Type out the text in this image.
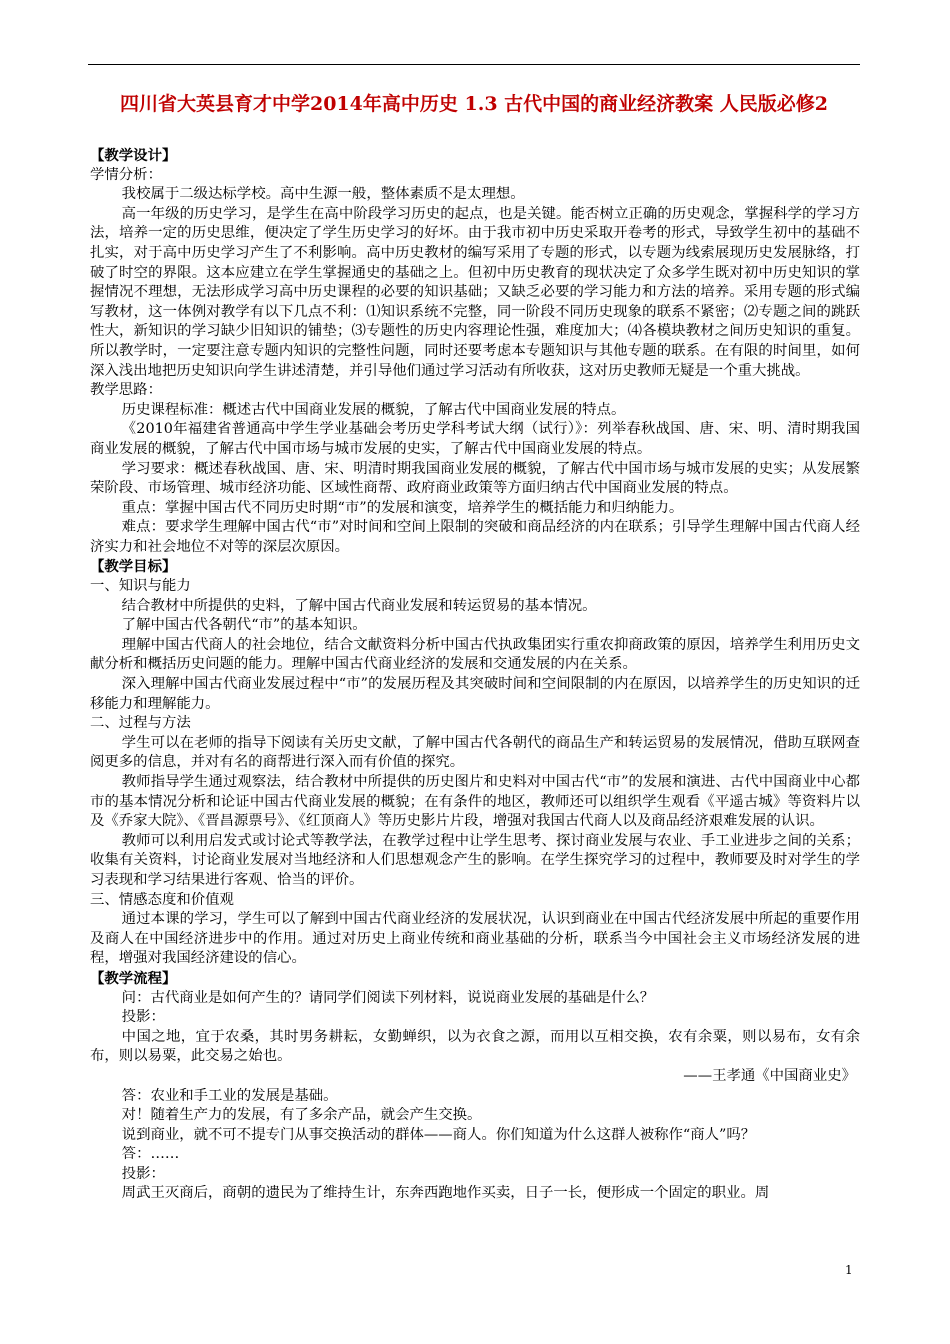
四川省大英县育才中学2014年高中历史 1.3 古代中国的商业经济教案 人民版必修2

【教学设计】

学情分析：

我校属于二级达标学校。高中生源一般，整体素质不是太理想。

高一年级的历史学习，是学生在高中阶段学习历史的起点，也是关键。能否树立正确的历史观念，掌握科学的学习方法，培养一定的历史思维，便决定了学生历史学习的好坏。由于我市初中历史采取开卷考的形式，导致学生初中的基础不扎实，对于高中历史学习产生了不利影响。高中历史教材的编写采用了专题的形式，以专题为线索展现历史发展脉络，打破了时空的界限。这本应建立在学生掌握通史的基础之上。但初中历史教育的现状决定了众多学生既对初中历史知识的掌握情况不理想，无法形成学习高中历史课程的必要的知识基础；又缺乏必要的学习能力和方法的培养。采用专题的形式编写教材，这一体例对教学有以下几点不利：⑴知识系统不完整，同一阶段不同历史现象的联系不紧密；⑵专题之间的跳跃性大，新知识的学习缺少旧知识的铺垫；⑶专题性的历史内容理论性强，难度加大；⑷各模块教材之间历史知识的重复。所以教学时，一定要注意专题内知识的完整性问题，同时还要考虑本专题知识与其他专题的联系。在有限的时间里，如何深入浅出地把历史知识向学生讲述清楚，并引导他们通过学习活动有所收获，这对历史教师无疑是一个重大挑战。

教学思路：

历史课程标准：概述古代中国商业发展的概貌，了解古代中国商业发展的特点。

《2010年福建省普通高中学生学业基础会考历史学科考试大纲（试行）》：列举春秋战国、唐、宋、明、清时期我国商业发展的概貌，了解古代中国市场与城市发展的史实，了解古代中国商业发展的特点。

学习要求：概述春秋战国、唐、宋、明清时期我国商业发展的概貌，了解古代中国市场与城市发展的史实；从发展繁荣阶段、市场管理、城市经济功能、区域性商帮、政府商业政策等方面归纳古代中国商业发展的特点。

重点：掌握中国古代不同历史时期“市”的发展和演变，培养学生的概括能力和归纳能力。

难点：要求学生理解中国古代“市”对时间和空间上限制的突破和商品经济的内在联系；引导学生理解中国古代商人经济实力和社会地位不对等的深层次原因。

【教学目标】

一、知识与能力

结合教材中所提供的史料，了解中国古代商业发展和转运贸易的基本情况。

了解中国古代各朝代“市”的基本知识。

理解中国古代商人的社会地位，结合文献资料分析中国古代执政集团实行重农抑商政策的原因，培养学生利用历史文献分析和概括历史问题的能力。理解中国古代商业经济的发展和交通发展的内在关系。

深入理解中国古代商业发展过程中“市”的发展历程及其突破时间和空间限制的内在原因，以培养学生的历史知识的迁移能力和理解能力。

二、过程与方法

学生可以在老师的指导下阅读有关历史文献，了解中国古代各朝代的商品生产和转运贸易的发展情况，借助互联网查阅更多的信息，并对有名的商帮进行深入而有价值的探究。

教师指导学生通过观察法，结合教材中所提供的历史图片和史料对中国古代“市”的发展和演进、古代中国商业中心都市的基本情况分析和论证中国古代商业发展的概貌；在有条件的地区，教师还可以组织学生观看《平遥古城》等资料片以及《乔家大院》、《晋昌源票号》、《红顶商人》等历史影片片段，增强对我国古代商人以及商品经济艰难发展的认识。

教师可以利用启发式或讨论式等教学法，在教学过程中让学生思考、探讨商业发展与农业、手工业进步之间的关系；收集有关资料，讨论商业发展对当地经济和人们思想观念产生的影响。在学生探究学习的过程中，教师要及时对学生的学习表现和学习结果进行客观、恰当的评价。

三、情感态度和价值观

通过本课的学习，学生可以了解到中国古代商业经济的发展状况，认识到商业在中国古代经济发展中所起的重要作用及商人在中国经济进步中的作用。通过对历史上商业传统和商业基础的分析，联系当今中国社会主义市场经济发展的进程，增强对我国经济建设的信心。

【教学流程】

问：古代商业是如何产生的？请同学们阅读下列材料，说说商业发展的基础是什么？

投影：

中国之地，宜于农桑，其时男务耕耘，女勤蝉织，以为衣食之源，而用以互相交换，农有余粟，则以易布，女有余布，则以易粟，此交易之始也。

——王孝通《中国商业史》

答：农业和手工业的发展是基础。

对！随着生产力的发展，有了多余产品，就会产生交换。

说到商业，就不可不提专门从事交换活动的群体——商人。你们知道为什么这群人被称作“商人”吗？

答：……

投影：

周武王灭商后，商朝的遗民为了维持生计，东奔西跑地作买卖，日子一长，便形成一个固定的职业。周

1
